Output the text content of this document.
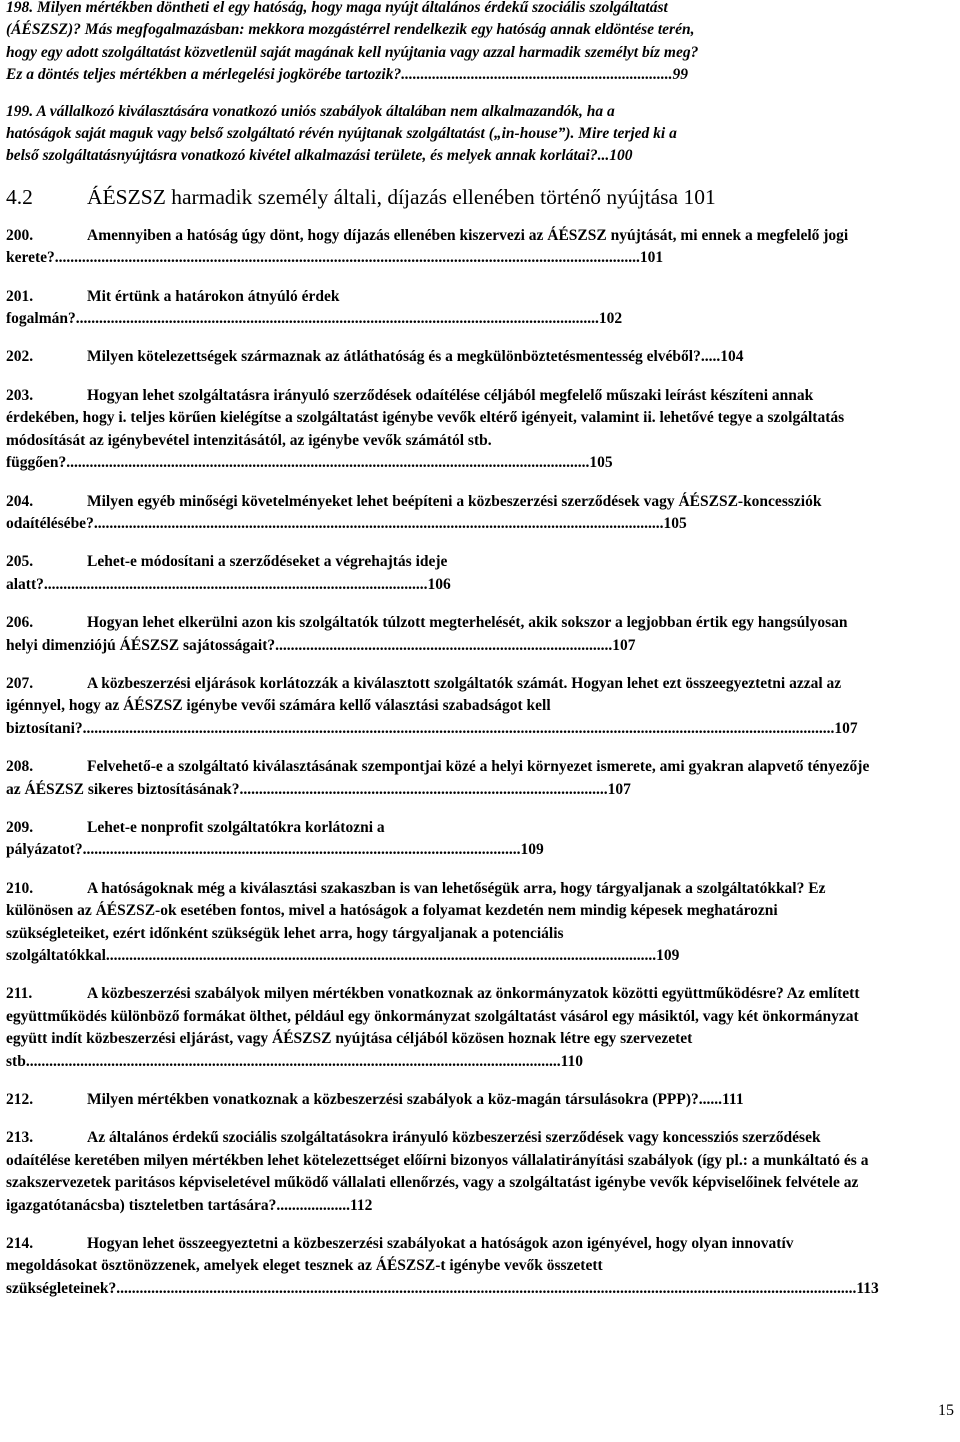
198. Milyen mértékben döntheti el egy hatóság, hogy maga nyújt általános érdekű szociális szolgáltatást
(ÁÉSZSZ)? Más megfogalmazásban: mekkora mozgástérrel rendelkezik egy hatóság annak eldöntése terén,
hogy egy adott szolgáltatást közvetlenül saját magának kell nyújtania vagy azzal harmadik személyt bíz meg?
Ez a döntés teljes mértékben a mérlegelési jogkörébe tartozik?......................................................................99
199. A vállalkozó kiválasztására vonatkozó uniós szabályok általában nem alkalmazandók, ha a
hatóságok saját maguk vagy belső szolgáltató révén nyújtanak szolgáltatást („in-house”). Mire terjed ki a
belső szolgáltatásnyújtásra vonatkozó kivétel alkalmazási területe, és melyek annak korlátai?...100
4.2	ÁÉSZSZ harmadik személy általi, díjazás ellenében történő nyújtása 101
200.	Amennyiben a hatóság úgy dönt, hogy díjazás ellenében kiszervezi az ÁÉSZSZ nyújtását, mi ennek a megfelelő jogi kerete?.......................................................................................................................................................101
201.	Mit értünk a határokon átnyúló érdek fogalmán?.......................................................................................................................................102
202.	Milyen kötelezettségek származnak az átláthatóság és a megkülönböztetésmentesség elvéből?.....104
203.	Hogyan lehet szolgáltatásra irányuló szerződések odaítélése céljából megfelelő műszaki leírást készíteni annak érdekében, hogy i. teljes körűen kielégítse a szolgáltatást igénybe vevők eltérő igényeit, valamint ii. lehetővé tegye a szolgáltatás módosítását az igénybevétel intenzitásától, az igénybe vevők számától stb. függően?.......................................................................................................................................105
204.	Milyen egyéb minőségi követelményeket lehet beépíteni a közbeszerzési szerződések vagy ÁÉSZSZ-koncessziók odaítélésébe?...................................................................................................................................................105
205.	Lehet-e módosítani a szerződéseket a végrehajtás ideje alatt?...................................................................................................106
206.	Hogyan lehet elkerülni azon kis szolgáltatók túlzott megterhelését, akik sokszor a legjobban értik egy hangsúlyosan helyi dimenziójú ÁÉSZSZ sajátosságait?.......................................................................................107
207.	A közbeszerzési eljárások korlátozzák a kiválasztott szolgáltatók számát. Hogyan lehet ezt összeegyeztetni azzal az igénnyel, hogy az ÁÉSZSZ igénybe vevői számára kellő választási szabadságot kell biztosítani?..................................................................................................................................................................................................107
208.	Felvehető-e a szolgáltató kiválasztásának szempontjai közé a helyi környezet ismerete, ami gyakran alapvető tényezője az ÁÉSZSZ sikeres biztosításának?...............................................................................................107
209.	Lehet-e nonprofit szolgáltatókra korlátozni a pályázatot?.................................................................................................................109
210.	A hatóságoknak még a kiválasztási szakaszban is van lehetőségük arra, hogy tárgyaljanak a szolgáltatókkal? Ez különösen az ÁÉSZSZ-ok esetében fontos, mivel a hatóságok a folyamat kezdetén nem mindig képesek meghatározni szükségleteiket, ezért időnként szükségük lehet arra, hogy tárgyaljanak a potenciális szolgáltatókkal..............................................................................................................................................109
211.	A közbeszerzési szabályok milyen mértékben vonatkoznak az önkormányzatok közötti együttműködésre? Az említett együttműködés különböző formákat ölthet, például egy önkormányzat szolgáltatást vásárol egy másiktól, vagy két önkormányzat együtt indít közbeszerzési eljárást, vagy ÁÉSZSZ nyújtása céljából közösen hoznak létre egy szervezetet stb..........................................................................................................................................110
212.	Milyen mértékben vonatkoznak a közbeszerzési szabályok a köz-magán társulásokra (PPP)?......111
213.	Az általános érdekű szociális szolgáltatásokra irányuló közbeszerzési szerződések vagy koncessziós szerződések odaítélése keretében milyen mértékben lehet kötelezettséget előírni bizonyos vállalatirányítási szabályok (így pl.: a munkáltató és a szakszervezetek paritásos képviseletével működő vállalati ellenőrzés, vagy a szolgáltatást igénybe vevők képviselőinek felvétele az igazgatótanácsba) tiszteletben tartására?...................112
214.	Hogyan lehet összeegyeztetni a közbeszerzési szabályokat a hatóságok azon igényével, hogy olyan innovatív megoldásokat ösztönözzenek, amelyek eleget tesznek az ÁÉSZSZ-t igénybe vevők összetett szükségleteinek?...............................................................................................................................................................................................113
15
